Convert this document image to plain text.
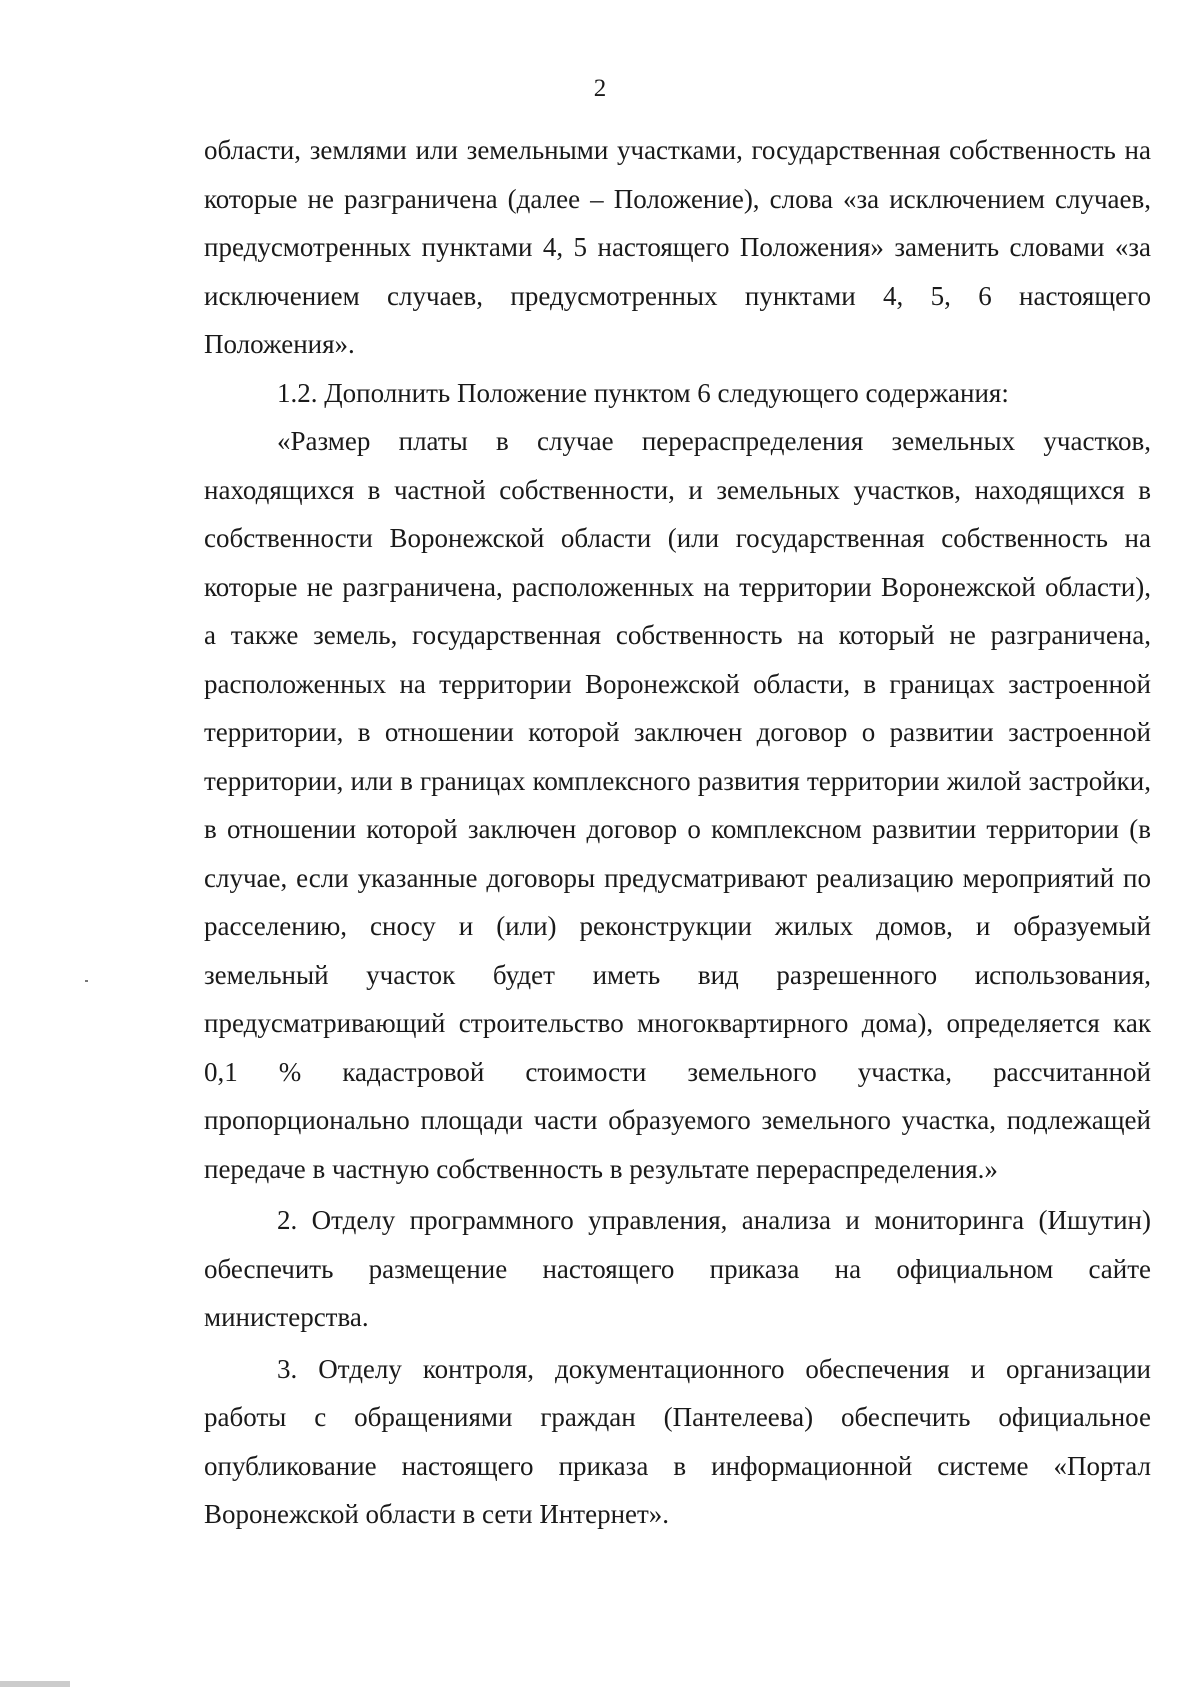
2

области, землями или земельными участками, государственная собственность на которые не разграничена (далее – Положение), слова «за исключением случаев, предусмотренных пунктами 4, 5 настоящего Положения» заменить словами «за исключением случаев, предусмотренных пунктами 4, 5, 6 настоящего Положения».

1.2. Дополнить Положение пунктом 6 следующего содержания:

«Размер платы в случае перераспределения земельных участков, находящихся в частной собственности, и земельных участков, находящихся в собственности Воронежской области (или государственная собственность на которые не разграничена, расположенных на территории Воронежской области), а также земель, государственная собственность на который не разграничена, расположенных на территории Воронежской области, в границах застроенной территории, в отношении которой заключен договор о развитии застроенной территории, или в границах комплексного развития территории жилой застройки, в отношении которой заключен договор о комплексном развитии территории (в случае, если указанные договоры предусматривают реализацию мероприятий по расселению, сносу и (или) реконструкции жилых домов, и образуемый земельный участок будет иметь вид разрешенного использования, предусматривающий строительство многоквартирного дома), определяется как 0,1 % кадастровой стоимости земельного участка, рассчитанной пропорционально площади части образуемого земельного участка, подлежащей передаче в частную собственность в результате перераспределения.»

2. Отделу программного управления, анализа и мониторинга (Ишутин) обеспечить размещение настоящего приказа на официальном сайте министерства.

3. Отделу контроля, документационного обеспечения и организации работы с обращениями граждан (Пантелеева) обеспечить официальное опубликование настоящего приказа в информационной системе «Портал Воронежской области в сети Интернет».
